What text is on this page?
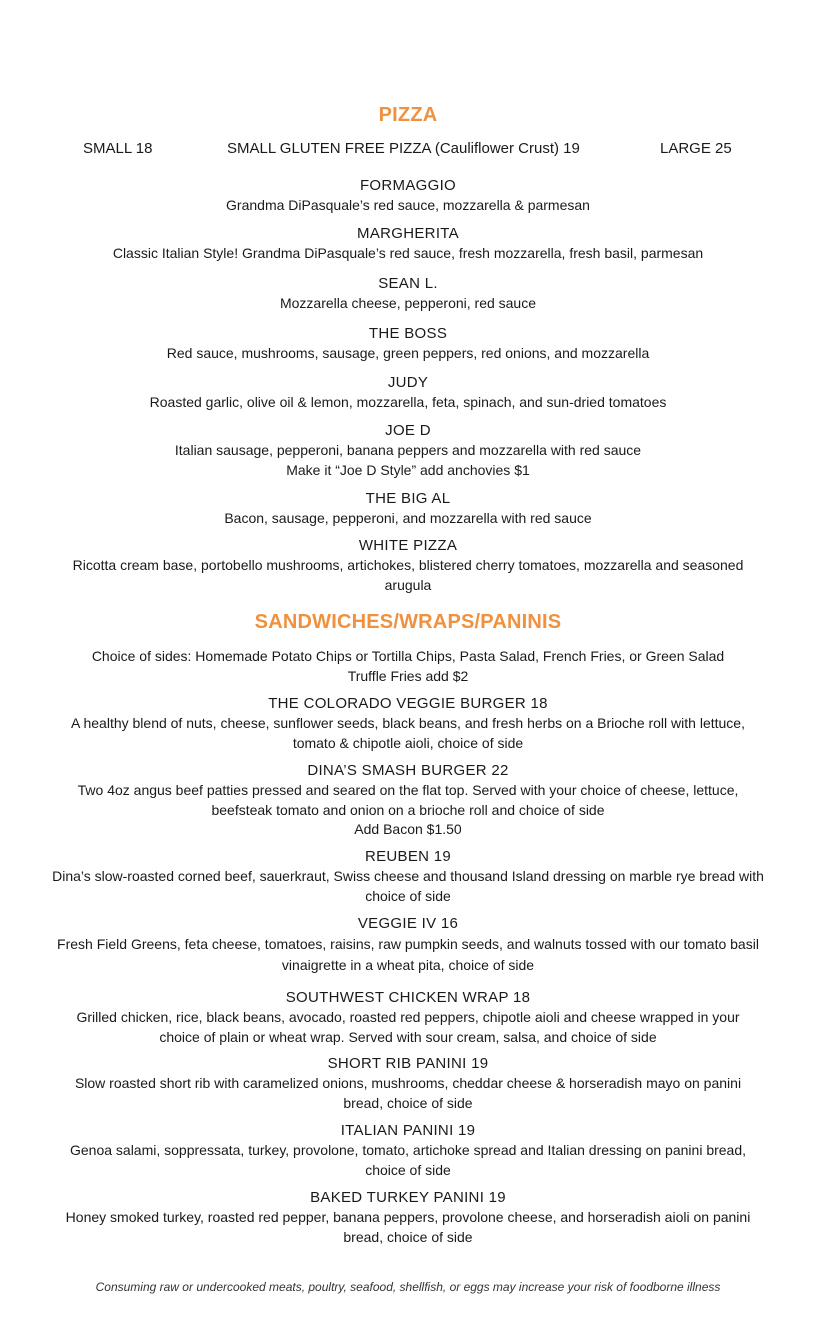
PIZZA
SMALL 18	SMALL GLUTEN FREE PIZZA (Cauliflower Crust) 19	LARGE 25
FORMAGGIO
Grandma DiPasquale’s red sauce, mozzarella & parmesan
MARGHERITA
Classic Italian Style! Grandma DiPasquale’s red sauce, fresh mozzarella, fresh basil, parmesan
SEAN L.
Mozzarella cheese, pepperoni, red sauce
THE BOSS
Red sauce, mushrooms, sausage, green peppers, red onions, and mozzarella
JUDY
Roasted garlic, olive oil & lemon, mozzarella, feta, spinach, and sun-dried tomatoes
JOE D
Italian sausage, pepperoni, banana peppers and mozzarella with red sauce
Make it “Joe D Style” add anchovies $1
THE BIG AL
Bacon, sausage, pepperoni, and mozzarella with red sauce
WHITE PIZZA
Ricotta cream base, portobello mushrooms, artichokes, blistered cherry tomatoes, mozzarella and seasoned arugula
SANDWICHES/WRAPS/PANINIS
Choice of sides: Homemade Potato Chips or Tortilla Chips, Pasta Salad, French Fries, or Green Salad
Truffle Fries add $2
THE COLORADO VEGGIE BURGER 18
A healthy blend of nuts, cheese, sunflower seeds, black beans, and fresh herbs on a Brioche roll with lettuce, tomato & chipotle aioli, choice of side
DINA’S SMASH BURGER 22
Two 4oz angus beef patties pressed and seared on the flat top. Served with your choice of cheese, lettuce, beefsteak tomato and onion on a brioche roll and choice of side
Add Bacon $1.50
REUBEN 19
Dina’s slow-roasted corned beef, sauerkraut, Swiss cheese and thousand Island dressing on marble rye bread with choice of side
VEGGIE IV 16
Fresh Field Greens, feta cheese, tomatoes, raisins, raw pumpkin seeds, and walnuts tossed with our tomato basil vinaigrette in a wheat pita, choice of side
SOUTHWEST CHICKEN WRAP 18
Grilled chicken, rice, black beans, avocado, roasted red peppers, chipotle aioli and cheese wrapped in your choice of plain or wheat wrap. Served with sour cream, salsa, and choice of side
SHORT RIB PANINI 19
Slow roasted short rib with caramelized onions, mushrooms, cheddar cheese & horseradish mayo on panini bread, choice of side
ITALIAN PANINI 19
Genoa salami, soppressata, turkey, provolone, tomato, artichoke spread and Italian dressing on panini bread, choice of side
BAKED TURKEY PANINI 19
Honey smoked turkey, roasted red pepper, banana peppers, provolone cheese, and horseradish aioli on panini bread, choice of side
Consuming raw or undercooked meats, poultry, seafood, shellfish, or eggs may increase your risk of foodborne illness
